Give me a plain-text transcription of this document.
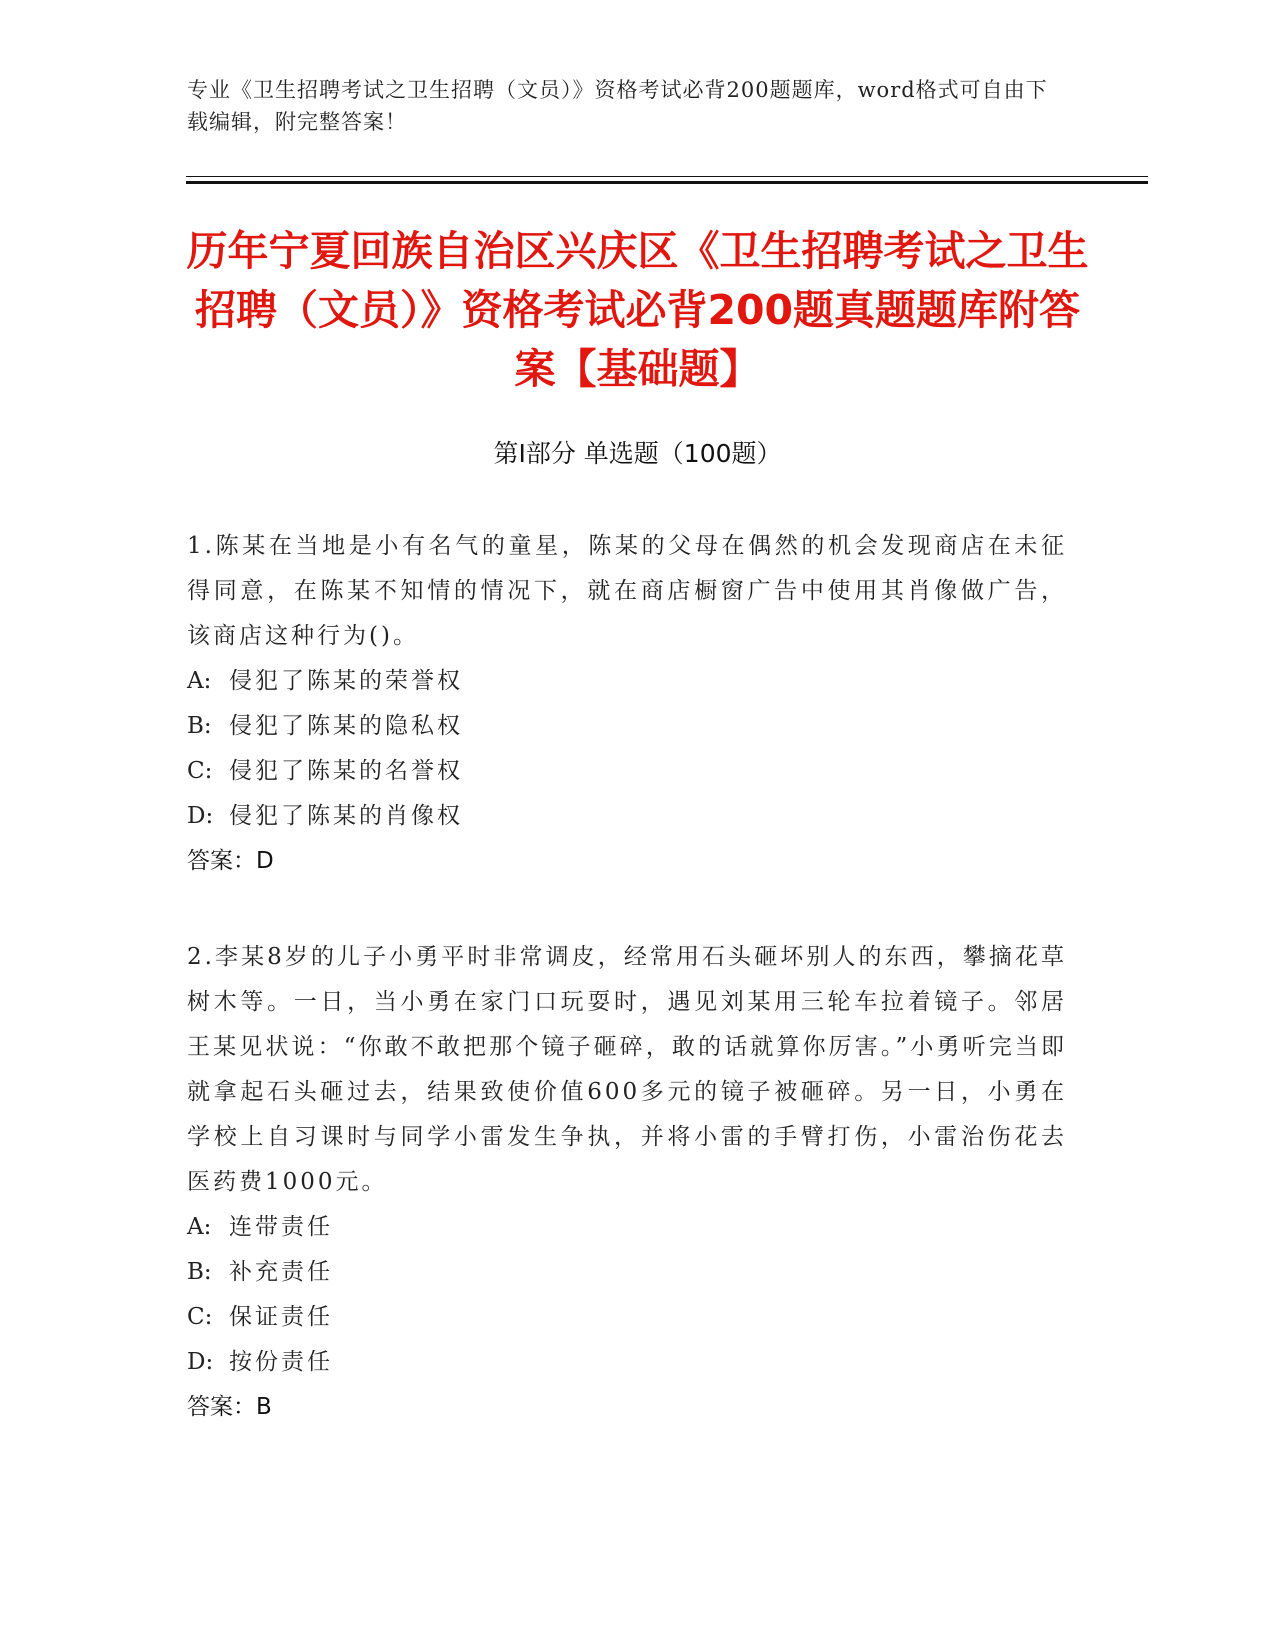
专业《卫生招聘考试之卫生招聘（文员）》资格考试必背200题题库，word格式可自由下载编辑，附完整答案！
历年宁夏回族自治区兴庆区《卫生招聘考试之卫生招聘（文员）》资格考试必背200题真题题库附答案【基础题】
第Ⅰ部分 单选题（100题）
1.陈某在当地是小有名气的童星，陈某的父母在偶然的机会发现商店在未征得同意，在陈某不知情的情况下，就在商店橱窗广告中使用其肖像做广告，该商店这种行为()。
A: 侵犯了陈某的荣誉权
B: 侵犯了陈某的隐私权
C: 侵犯了陈某的名誉权
D: 侵犯了陈某的肖像权
答案：D
2.李某8岁的儿子小勇平时非常调皮，经常用石头砸坏别人的东西，攀摘花草树木等。一日，当小勇在家门口玩耍时，遇见刘某用三轮车拉着镜子。邻居王某见状说：“你敢不敢把那个镜子砸碎，敢的话就算你厉害。”小勇听完当即就拿起石头砸过去，结果致使价值600多元的镜子被砸碎。另一日，小勇在学校上自习课时与同学小雷发生争执，并将小雷的手臂打伤，小雷治伤花去医药费1000元。
A: 连带责任
B: 补充责任
C: 保证责任
D: 按份责任
答案：B
